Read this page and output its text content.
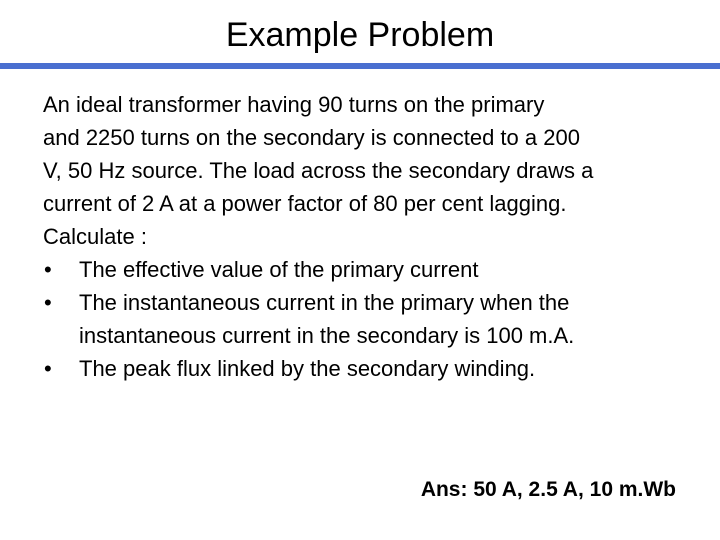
Example Problem
An ideal transformer having 90 turns on the primary
and 2250 turns on the secondary is connected to a 200
V, 50 Hz source. The load across the secondary draws a
current of 2 A at a power factor of 80 per cent lagging.
Calculate :
• The effective value of the primary current
• The instantaneous current in the primary when the
instantaneous current in the secondary is 100 m.A.
• The peak flux linked by the secondary winding.
Ans: 50 A, 2.5 A, 10 m.Wb
